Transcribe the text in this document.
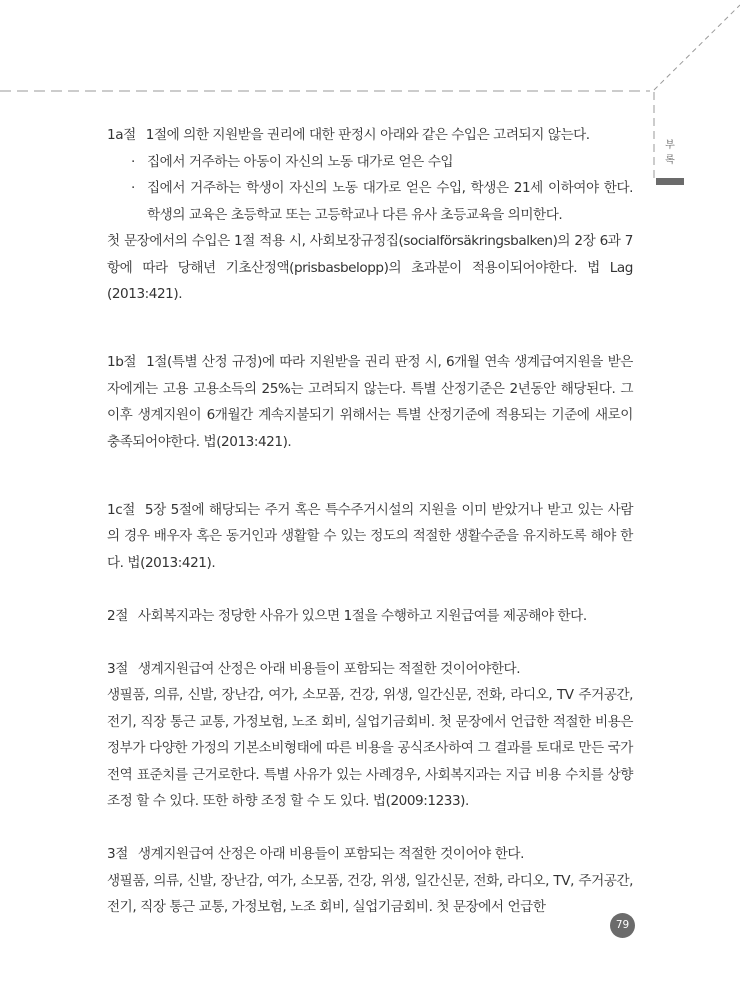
부
록

1a절 1절에 의한 지원받을 권리에 대한 판정시 아래와 같은 수입은 고려되지 않는다.

· 집에서 거주하는 아동이 자신의 노동 대가로 얻은 수입

· 집에서 거주하는 학생이 자신의 노동 대가로 얻은 수입, 학생은 21세 이하여야 한다. 학생의 교육은 초등학교 또는 고등학교나 다른 유사 초등교육을 의미한다.

첫 문장에서의 수입은 1절 적용 시, 사회보장규정집(socialförsäkringsbalken)의 2장 6과 7항에 따라 당해년 기초산정액(prisbasbelopp)의 초과분이 적용이되어야한다. 법 Lag (2013:421).

1b절 1절(특별 산정 규정)에 따라 지원받을 권리 판정 시, 6개월 연속 생계급여지원을 받은 자에게는 고용 고용소득의 25%는 고려되지 않는다. 특별 산정기준은 2년동안 해당된다. 그 이후 생계지원이 6개월간 계속지불되기 위해서는 특별 산정기준에 적용되는 기준에 새로이 충족되어야한다. 법(2013:421).

1c절 5장 5절에 해당되는 주거 혹은 특수주거시설의 지원을 이미 받았거나 받고 있는 사람의 경우 배우자 혹은 동거인과 생활할 수 있는 정도의 적절한 생활수준을 유지하도록 해야 한다. 법(2013:421).

2절 사회복지과는 정당한 사유가 있으면 1절을 수행하고 지원급여를 제공해야 한다.

3절 생계지원급여 산정은 아래 비용들이 포함되는 적절한 것이어야한다.

생필품, 의류, 신발, 장난감, 여가, 소모품, 건강, 위생, 일간신문, 전화, 라디오, TV 주거공간, 전기, 직장 통근 교통, 가정보험, 노조 회비, 실업기금회비. 첫 문장에서 언급한 적절한 비용은 정부가 다양한 가정의 기본소비형태에 따른 비용을 공식조사하여 그 결과를 토대로 만든 국가 전역 표준치를 근거로한다. 특별 사유가 있는 사례경우, 사회복지과는 지급 비용 수치를 상향 조정 할 수 있다. 또한 하향 조정 할 수 도 있다. 법(2009:1233).

3절 생계지원급여 산정은 아래 비용들이 포함되는 적절한 것이어야 한다.

생필품, 의류, 신발, 장난감, 여가, 소모품, 건강, 위생, 일간신문, 전화, 라디오, TV, 주거공간, 전기, 직장 통근 교통, 가정보험, 노조 회비, 실업기금회비. 첫 문장에서 언급한

79
